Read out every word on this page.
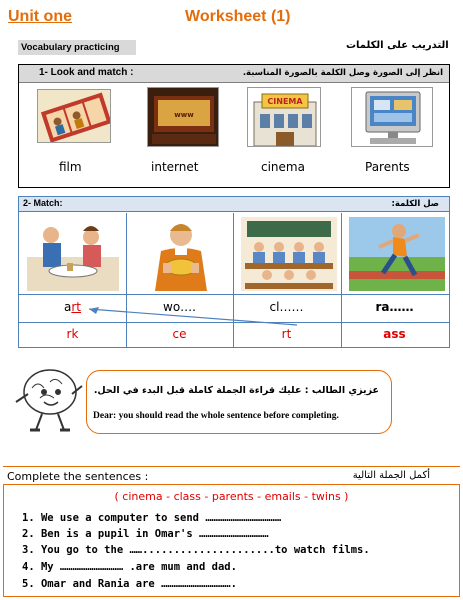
Unit one	Worksheet (1)
Vocabulary practicing	التدريب على الكلمات
1- Look and match :	انظر إلى الصورة وصل الكلمة بالصورة المناسبة.
www
CINEMA
film	internet	cinema	Parents
2- Match:	صل الكلمة:
art	wo….	cl……	ra……
rk	ce	rt	ass
عزيزي الطالب : عليك قراءة الجملة كاملة قبل البدء في الحل.
Dear: you should read the whole sentence before completing.
Complete the sentences :	أكمل الجملة التالية
( cinema - class - parents - emails - twins )
1. We use a computer to send ………………………………
2. Ben is a pupil in Omar's ……………………………
3. You go to the …….....................to watch films.
4. My ………………………… .are mum and dad.
5. Omar and Rania are …………………………….
